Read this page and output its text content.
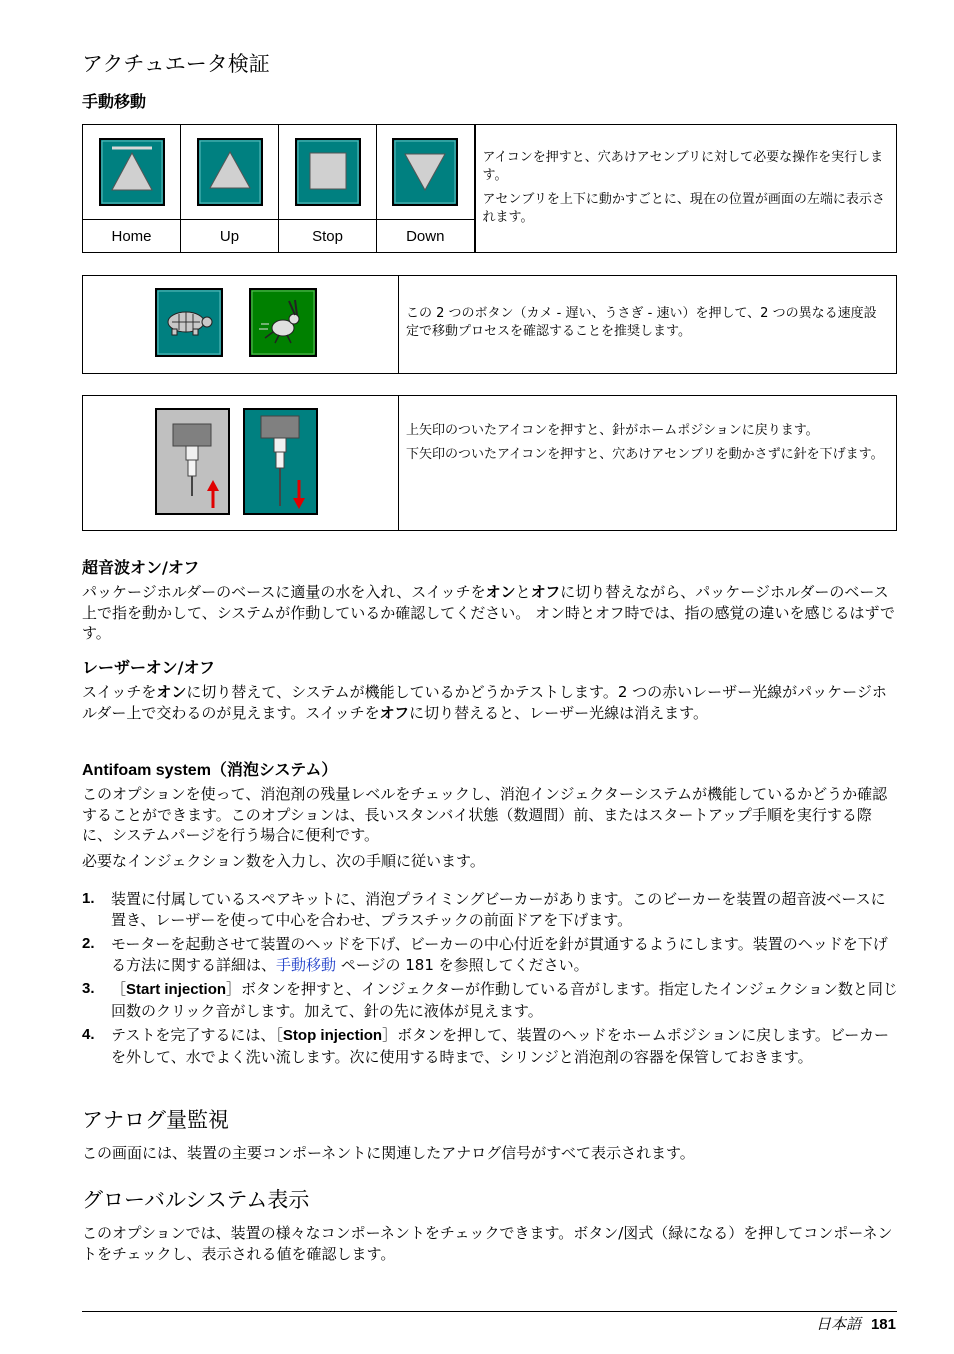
アクチュエータ検証
手動移動

アイコンを押すと、穴あけアセンブリに対して必要な操作を実行します。

アセンブリを上下に動かすごとに、現在の位置が画面の左端に表示されます。

Home	Up	Stop	Down	
この 2 つのボタン（カメ - 遅い、うさぎ - 速い）を押して、2 つの異なる速度設定で移動プロセスを確認することを推奨します。

上矢印のついたアイコンを押すと、針がホームポジションに戻ります。

下矢印のついたアイコンを押すと、穴あけアセンブリを動かさずに針を下げます。

超音波オン/オフ

パッケージホルダーのベースに適量の水を入れ、スイッチをオンとオフに切り替えながら、パッケージホルダーのベース上で指を動かして、システムが作動しているか確認してください。 オン時とオフ時では、指の感覚の違いを感じるはずです。

レーザーオン/オフ

スイッチをオンに切り替えて、システムが機能しているかどうかテストします。2 つの赤いレーザー光線がパッケージホルダー上で交わるのが見えます。スイッチをオフに切り替えると、レーザー光線は消えます。

Antifoam system（消泡システム）

このオプションを使って、消泡剤の残量レベルをチェックし、消泡インジェクターシステムが機能しているかどうか確認することができます。このオプションは、長いスタンバイ状態（数週間）前、またはスタートアップ手順を実行する際に、システムパージを行う場合に便利です。

必要なインジェクション数を入力し、次の手順に従います。

1. 装置に付属しているスペアキットに、消泡プライミングビーカーがあります。このビーカーを装置の超音波ベースに置き、レーザーを使って中心を合わせ、プラスチックの前面ドアを下げます。
2. モーターを起動させて装置のヘッドを下げ、ビーカーの中心付近を針が貫通するようにします。装置のヘッドを下げる方法に関する詳細は、手動移動 ページの 181 を参照してください。
3. ［Start injection］ボタンを押すと、インジェクターが作動している音がします。指定したインジェクション数と同じ回数のクリック音がします。加えて、針の先に液体が見えます。
4. テストを完了するには、［Stop injection］ボタンを押して、装置のヘッドをホームポジションに戻します。ビーカーを外して、水でよく洗い流します。次に使用する時まで、シリンジと消泡剤の容器を保管しておきます。
アナログ量監視

この画面には、装置の主要コンポーネントに関連したアナログ信号がすべて表示されます。

グローバルシステム表示

このオプションでは、装置の様々なコンポーネントをチェックできます。ボタン/図式（緑になる）を押してコンポーネントをチェックし、表示される値を確認します。

日本語 181
